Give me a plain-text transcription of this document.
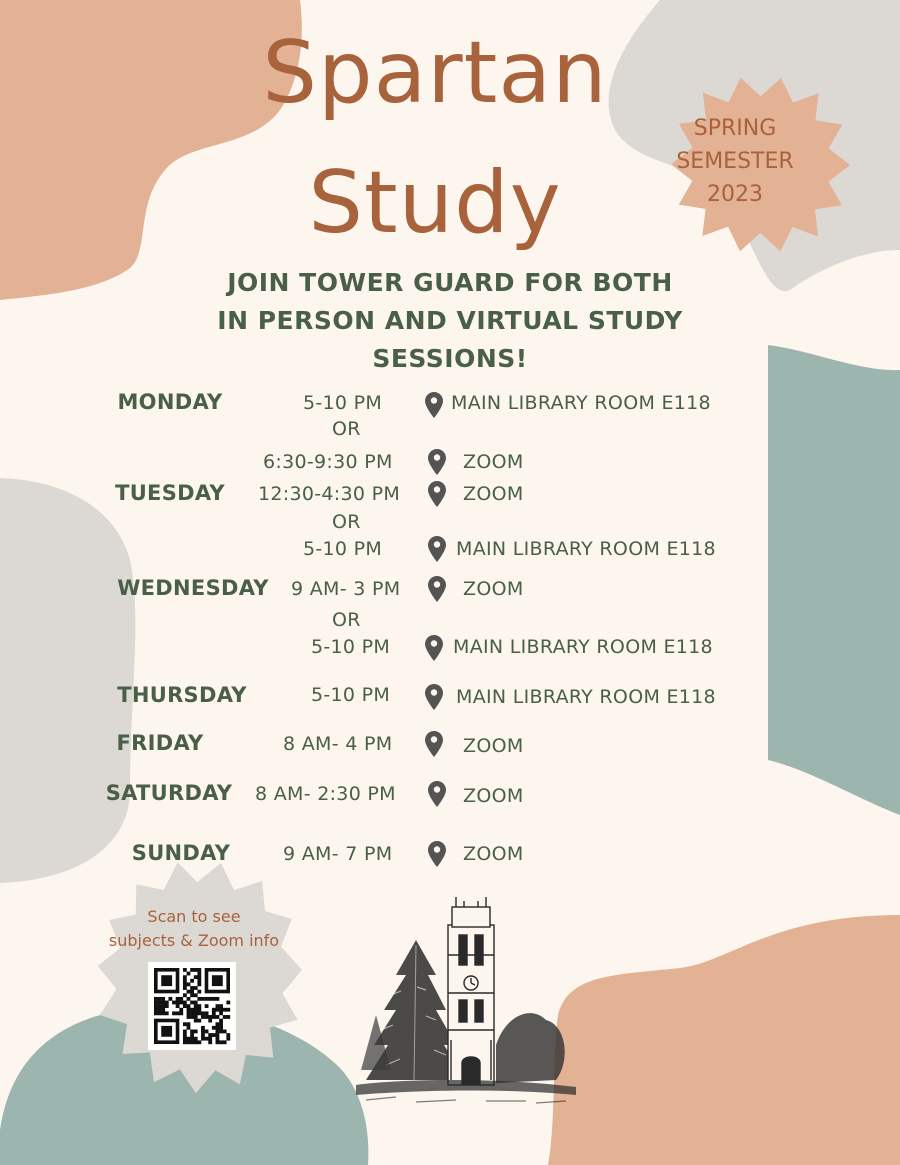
Spartan
Study
SPRING
SEMESTER
2023
JOIN TOWER GUARD FOR BOTH
IN PERSON AND VIRTUAL STUDY
SESSIONS!
MONDAY	5-10 PM	MAIN LIBRARY ROOM E118
OR
6:30-9:30 PM	ZOOM
TUESDAY	12:30-4:30 PM	ZOOM
OR
5-10 PM	MAIN LIBRARY ROOM E118
WEDNESDAY	9 AM- 3 PM	ZOOM
OR
5-10 PM	MAIN LIBRARY ROOM E118
THURSDAY	5-10 PM	MAIN LIBRARY ROOM E118
FRIDAY	8 AM- 4 PM	ZOOM
SATURDAY	8 AM- 2:30 PM	ZOOM
SUNDAY	9 AM- 7 PM	ZOOM
Scan to see
subjects & Zoom info
